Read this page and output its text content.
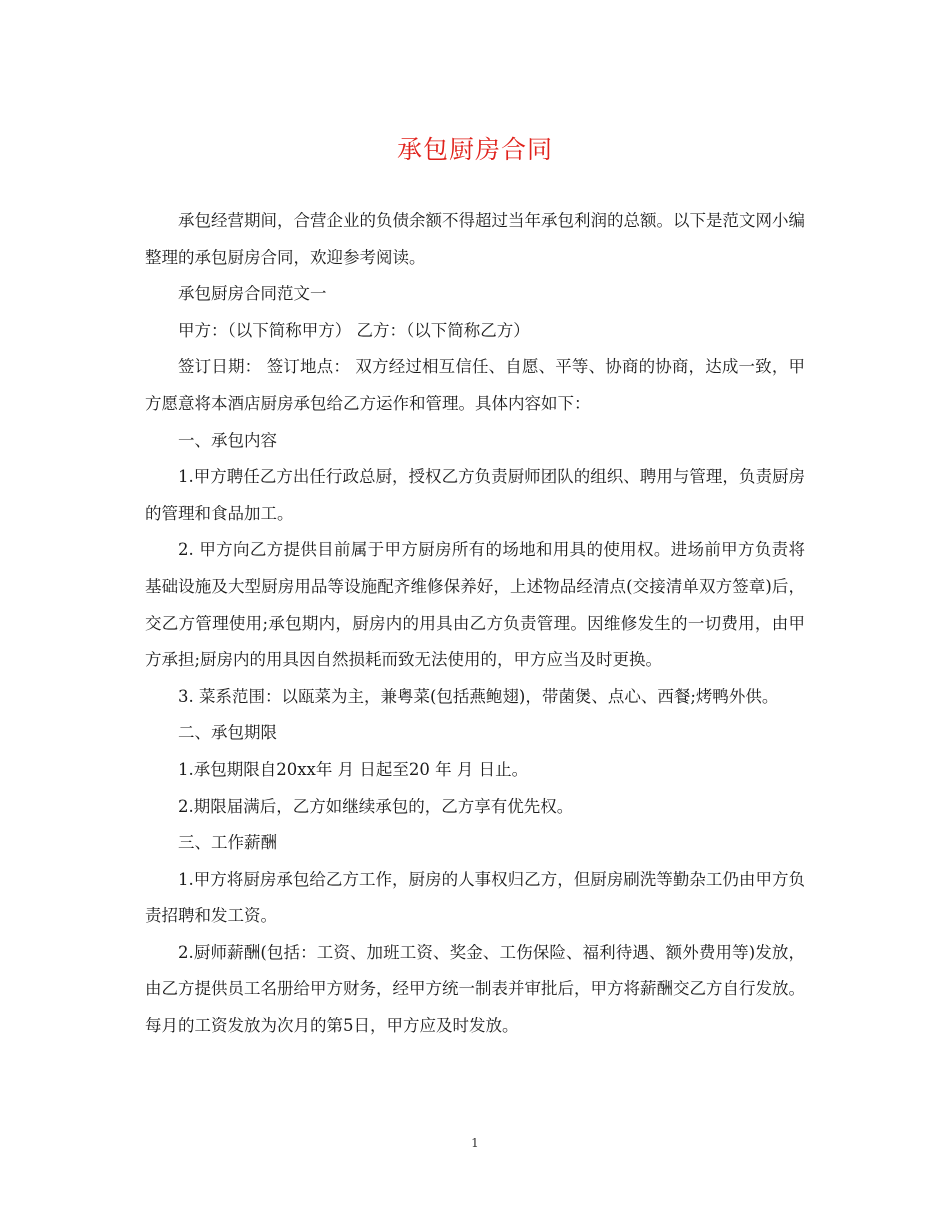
承包厨房合同

承包经营期间，合营企业的负债余额不得超过当年承包利润的总额。以下是范文网小编整理的承包厨房合同，欢迎参考阅读。

承包厨房合同范文一

甲方：（以下简称甲方） 乙方：（以下简称乙方）

签订日期： 签订地点： 双方经过相互信任、自愿、平等、协商的协商，达成一致，甲方愿意将本酒店厨房承包给乙方运作和管理。具体内容如下：

一、承包内容

1.甲方聘任乙方出任行政总厨，授权乙方负责厨师团队的组织、聘用与管理，负责厨房的管理和食品加工。

2. 甲方向乙方提供目前属于甲方厨房所有的场地和用具的使用权。进场前甲方负责将基础设施及大型厨房用品等设施配齐维修保养好，上述物品经清点(交接清单双方签章)后，交乙方管理使用;承包期内，厨房内的用具由乙方负责管理。因维修发生的一切费用，由甲方承担;厨房内的用具因自然损耗而致无法使用的，甲方应当及时更换。

3. 菜系范围：以瓯菜为主，兼粤菜(包括燕鲍翅)，带菌煲、点心、西餐;烤鸭外供。

二、承包期限

1.承包期限自20xx年 月 日起至20 年 月 日止。

2.期限届满后，乙方如继续承包的，乙方享有优先权。

三、工作薪酬

1.甲方将厨房承包给乙方工作，厨房的人事权归乙方，但厨房刷洗等勤杂工仍由甲方负责招聘和发工资。

2.厨师薪酬(包括：工资、加班工资、奖金、工伤保险、福利待遇、额外费用等)发放，由乙方提供员工名册给甲方财务，经甲方统一制表并审批后，甲方将薪酬交乙方自行发放。每月的工资发放为次月的第5日，甲方应及时发放。

1
